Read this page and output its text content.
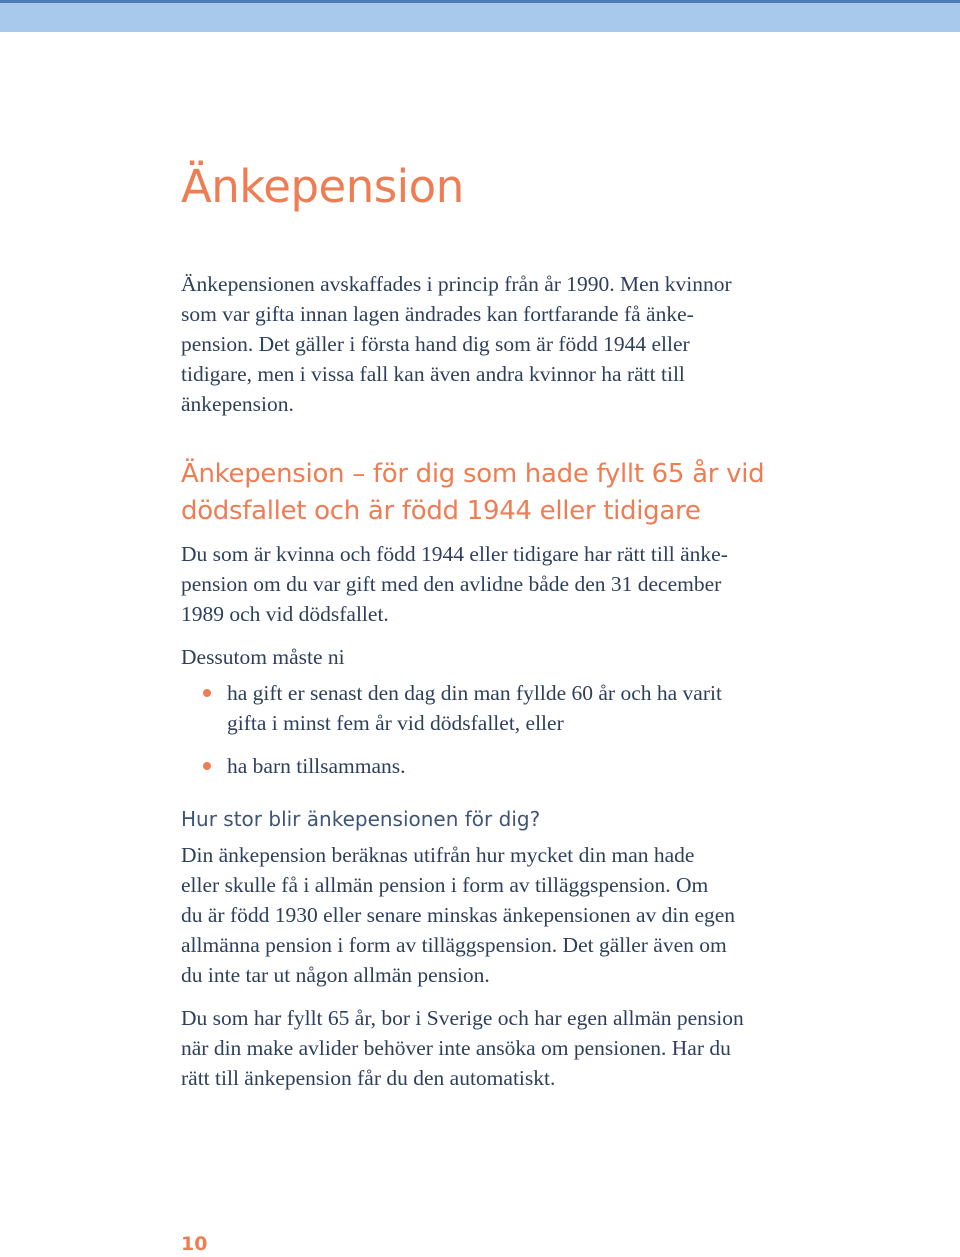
Änkepension

Änkepensionen avskaffades i princip från år 1990. Men kvinnor
som var gifta innan lagen ändrades kan fortfarande få änke-
pension. Det gäller i första hand dig som är född 1944 eller
tidigare, men i vissa fall kan även andra kvinnor ha rätt till
änkepension.

Änkepension – för dig som hade fyllt 65 år vid
dödsfallet och är född 1944 eller tidigare

Du som är kvinna och född 1944 eller tidigare har rätt till änke-
pension om du var gift med den avlidne både den 31 december
1989 och vid dödsfallet.

Dessutom måste ni

ha gift er senast den dag din man fyllde 60 år och ha varit
gifta i minst fem år vid dödsfallet, eller
ha barn tillsammans.
Hur stor blir änkepensionen för dig?

Din änkepension beräknas utifrån hur mycket din man hade
eller skulle få i allmän pension i form av tilläggspension. Om
du är född 1930 eller senare minskas änkepensionen av din egen
allmänna pension i form av tilläggspension. Det gäller även om
du inte tar ut någon allmän pension.

Du som har fyllt 65 år, bor i Sverige och har egen allmän pension
när din make avlider behöver inte ansöka om pensionen. Har du
rätt till änkepension får du den automatiskt.

10
